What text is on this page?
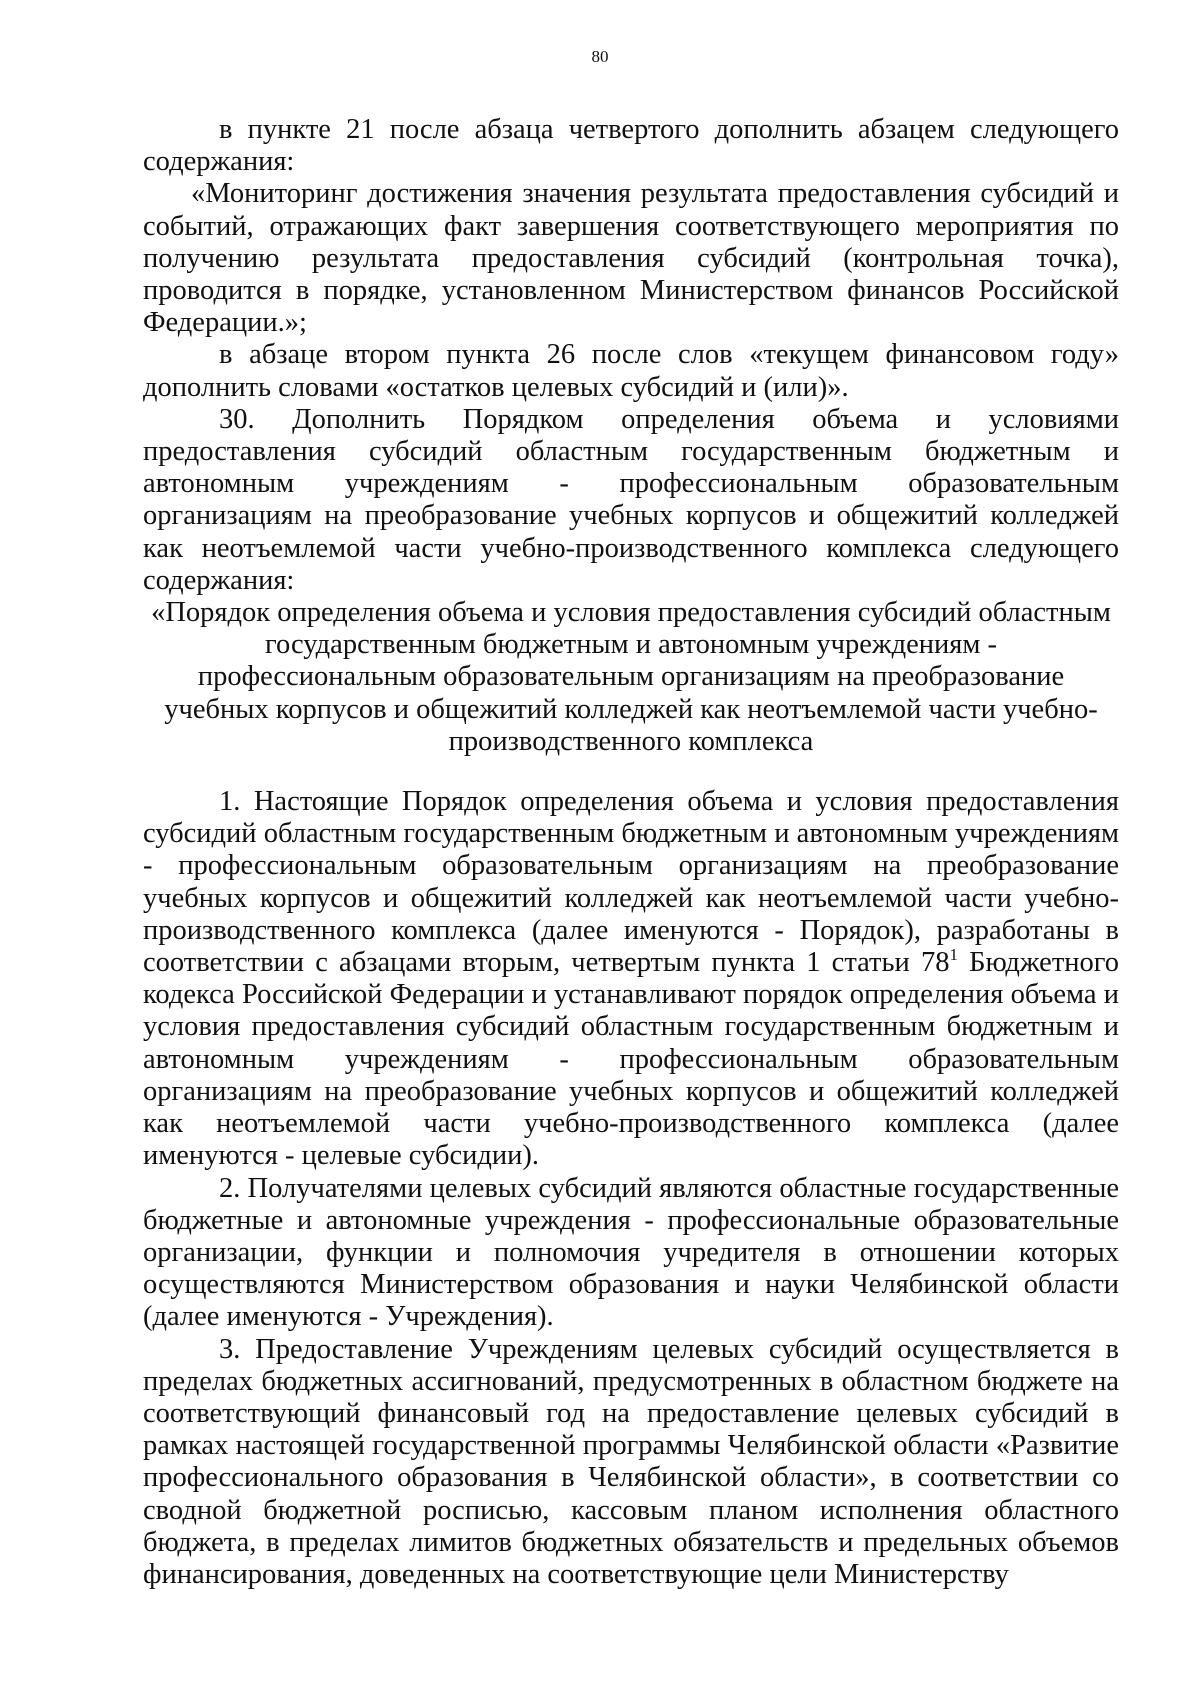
80

в пункте 21 после абзаца четвертого дополнить абзацем следующего содержания:

«Мониторинг достижения значения результата предоставления субсидий и событий, отражающих факт завершения соответствующего мероприятия по получению результата предоставления субсидий (контрольная точка), проводится в порядке, установленном Министерством финансов Российской Федерации.»;

в абзаце втором пункта 26 после слов «текущем финансовом году» дополнить словами «остатков целевых субсидий и (или)».

30. Дополнить Порядком определения объема и условиями предоставления субсидий областным государственным бюджетным и автономным учреждениям - профессиональным образовательным организациям на преобразование учебных корпусов и общежитий колледжей как неотъемлемой части учебно-производственного комплекса следующего содержания:

«Порядок определения объема и условия предоставления субсидий областным государственным бюджетным и автономным учреждениям - профессиональным образовательным организациям на преобразование учебных корпусов и общежитий колледжей как неотъемлемой части учебно-производственного комплекса

1. Настоящие Порядок определения объема и условия предоставления субсидий областным государственным бюджетным и автономным учреждениям - профессиональным образовательным организациям на преобразование учебных корпусов и общежитий колледжей как неотъемлемой части учебно-производственного комплекса (далее именуются - Порядок), разработаны в соответствии с абзацами вторым, четвертым пункта 1 статьи $78^1$ Бюджетного кодекса Российской Федерации и устанавливают порядок определения объема и условия предоставления субсидий областным государственным бюджетным и автономным учреждениям - профессиональным образовательным организациям на преобразование учебных корпусов и общежитий колледжей как неотъемлемой части учебно-производственного комплекса (далее именуются - целевые субсидии).

2. Получателями целевых субсидий являются областные государственные бюджетные и автономные учреждения - профессиональные образовательные организации, функции и полномочия учредителя в отношении которых осуществляются Министерством образования и науки Челябинской области (далее именуются - Учреждения).

3. Предоставление Учреждениям целевых субсидий осуществляется в пределах бюджетных ассигнований, предусмотренных в областном бюджете на соответствующий финансовый год на предоставление целевых субсидий в рамках настоящей государственной программы Челябинской области «Развитие профессионального образования в Челябинской области», в соответствии со сводной бюджетной росписью, кассовым планом исполнения областного бюджета, в пределах лимитов бюджетных обязательств и предельных объемов финансирования, доведенных на соответствующие цели Министерству
